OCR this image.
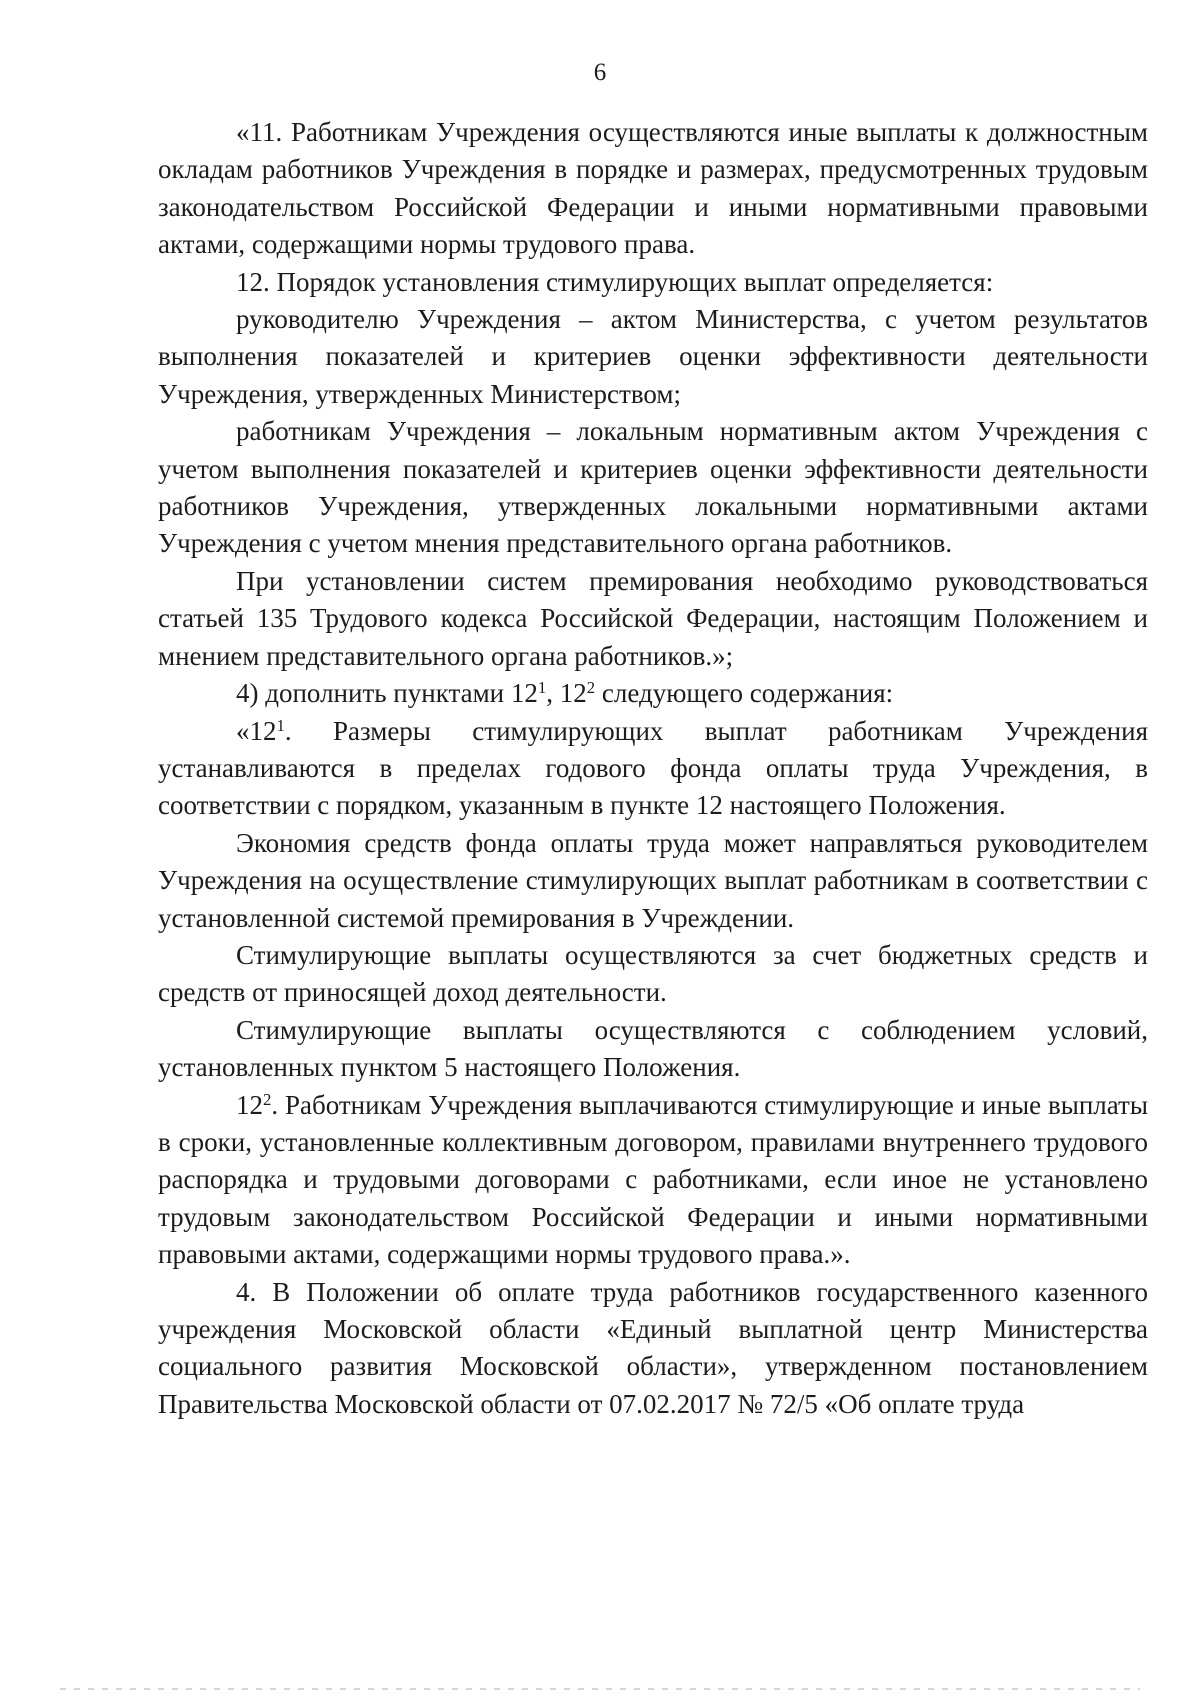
6

«11. Работникам Учреждения осуществляются иные выплаты к должностным окладам работников Учреждения в порядке и размерах, предусмотренных трудовым законодательством Российской Федерации и иными нормативными правовыми актами, содержащими нормы трудового права.

12. Порядок установления стимулирующих выплат определяется:

руководителю Учреждения – актом Министерства, с учетом результатов выполнения показателей и критериев оценки эффективности деятельности Учреждения, утвержденных Министерством;

работникам Учреждения – локальным нормативным актом Учреждения с учетом выполнения показателей и критериев оценки эффективности деятельности работников Учреждения, утвержденных локальными нормативными актами Учреждения с учетом мнения представительного органа работников.

При установлении систем премирования необходимо руководствоваться статьей 135 Трудового кодекса Российской Федерации, настоящим Положением и мнением представительного органа работников.»;

4) дополнить пунктами $12^1$, $12^2$ следующего содержания:

«$12^1$. Размеры стимулирующих выплат работникам Учреждения устанавливаются в пределах годового фонда оплаты труда Учреждения, в соответствии с порядком, указанным в пункте 12 настоящего Положения.

Экономия средств фонда оплаты труда может направляться руководителем Учреждения на осуществление стимулирующих выплат работникам в соответствии с установленной системой премирования в Учреждении.

Стимулирующие выплаты осуществляются за счет бюджетных средств и средств от приносящей доход деятельности.

Стимулирующие выплаты осуществляются с соблюдением условий, установленных пунктом 5 настоящего Положения.

$12^2$. Работникам Учреждения выплачиваются стимулирующие и иные выплаты в сроки, установленные коллективным договором, правилами внутреннего трудового распорядка и трудовыми договорами с работниками, если иное не установлено трудовым законодательством Российской Федерации и иными нормативными правовыми актами, содержащими нормы трудового права.».

4. В Положении об оплате труда работников государственного казенного учреждения Московской области «Единый выплатной центр Министерства социального развития Московской области», утвержденном постановлением Правительства Московской области от 07.02.2017 № 72/5 «Об оплате труда
